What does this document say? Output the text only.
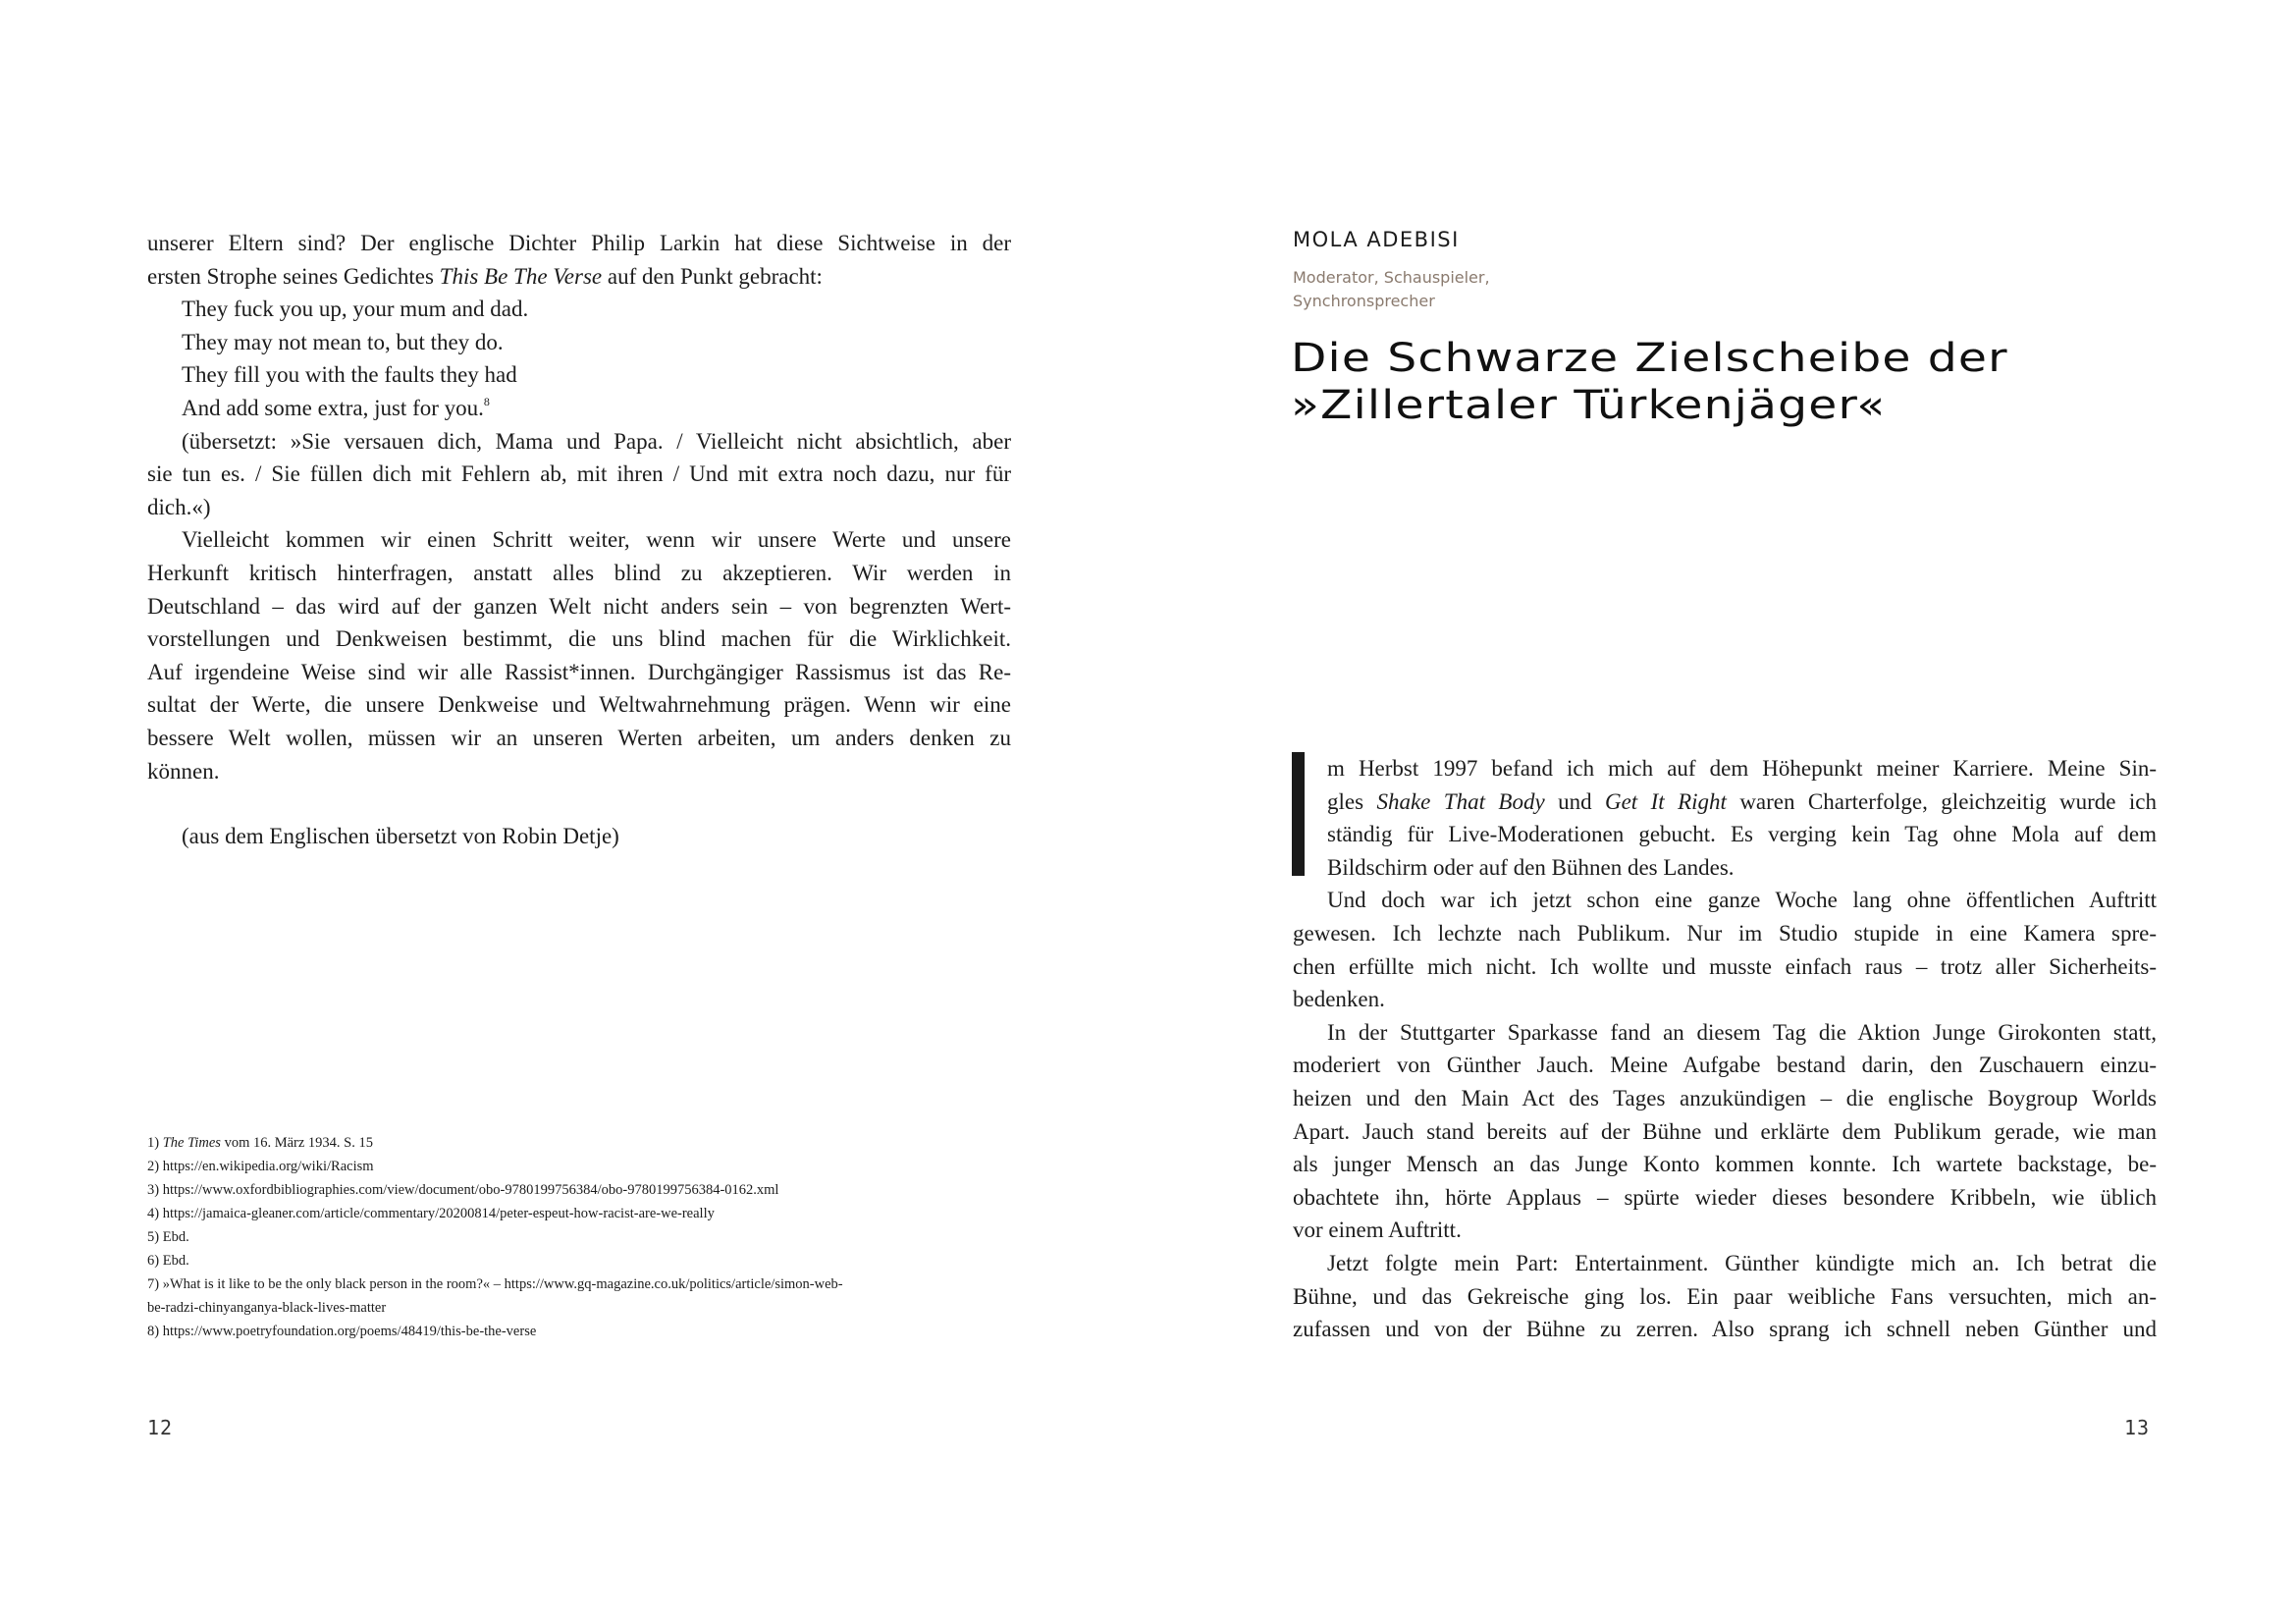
unserer Eltern sind? Der englische Dichter Philip Larkin hat diese Sichtweise in der
ersten Strophe seines Gedichtes This Be The Verse auf den Punkt gebracht:
They fuck you up, your mum and dad.
They may not mean to, but they do.
They fill you with the faults they had
And add some extra, just for you.$^8$
(übersetzt: »Sie versauen dich, Mama und Papa. / Vielleicht nicht absichtlich, aber
sie tun es. / Sie füllen dich mit Fehlern ab, mit ihren / Und mit extra noch dazu, nur für
dich.«)
Vielleicht kommen wir einen Schritt weiter, wenn wir unsere Werte und unsere
Herkunft kritisch hinterfragen, anstatt alles blind zu akzeptieren. Wir werden in
Deutschland – das wird auf der ganzen Welt nicht anders sein – von begrenzten Wert-
vorstellungen und Denkweisen bestimmt, die uns blind machen für die Wirklichkeit.
Auf irgendeine Weise sind wir alle Rassist*innen. Durchgängiger Rassismus ist das Re-
sultat der Werte, die unsere Denkweise und Weltwahrnehmung prägen. Wenn wir eine
bessere Welt wollen, müssen wir an unseren Werten arbeiten, um anders denken zu
können.
(aus dem Englischen übersetzt von Robin Detje)
1) The Times vom 16. März 1934. S. 15
2) https://en.wikipedia.org/wiki/Racism
3) https://www.oxfordbibliographies.com/view/document/obo-9780199756384/obo-9780199756384-0162.xml
4) https://jamaica-gleaner.com/article/commentary/20200814/peter-espeut-how-racist-are-we-really
5) Ebd.
6) Ebd.
7) »What is it like to be the only black person in the room?« – https://www.gq-magazine.co.uk/politics/article/simon-web-
be-radzi-chinyanganya-black-lives-matter
8) https://www.poetryfoundation.org/poems/48419/this-be-the-verse
12
MOLA ADEBISI
Moderator, Schauspieler,
Synchronsprecher
Die Schwarze Zielscheibe der
»Zillertaler Türkenjäger«
m Herbst 1997 befand ich mich auf dem Höhepunkt meiner Karriere. Meine Sin-
gles Shake That Body und Get It Right waren Charterfolge, gleichzeitig wurde ich
ständig für Live-Moderationen gebucht. Es verging kein Tag ohne Mola auf dem
Bildschirm oder auf den Bühnen des Landes.
Und doch war ich jetzt schon eine ganze Woche lang ohne öffentlichen Auftritt
gewesen. Ich lechzte nach Publikum. Nur im Studio stupide in eine Kamera spre-
chen erfüllte mich nicht. Ich wollte und musste einfach raus – trotz aller Sicherheits-
bedenken.
In der Stuttgarter Sparkasse fand an diesem Tag die Aktion Junge Girokonten statt,
moderiert von Günther Jauch. Meine Aufgabe bestand darin, den Zuschauern einzu-
heizen und den Main Act des Tages anzukündigen – die englische Boygroup Worlds
Apart. Jauch stand bereits auf der Bühne und erklärte dem Publikum gerade, wie man
als junger Mensch an das Junge Konto kommen konnte. Ich wartete backstage, be-
obachtete ihn, hörte Applaus – spürte wieder dieses besondere Kribbeln, wie üblich
vor einem Auftritt.
Jetzt folgte mein Part: Entertainment. Günther kündigte mich an. Ich betrat die
Bühne, und das Gekreische ging los. Ein paar weibliche Fans versuchten, mich an-
zufassen und von der Bühne zu zerren. Also sprang ich schnell neben Günther und
13
